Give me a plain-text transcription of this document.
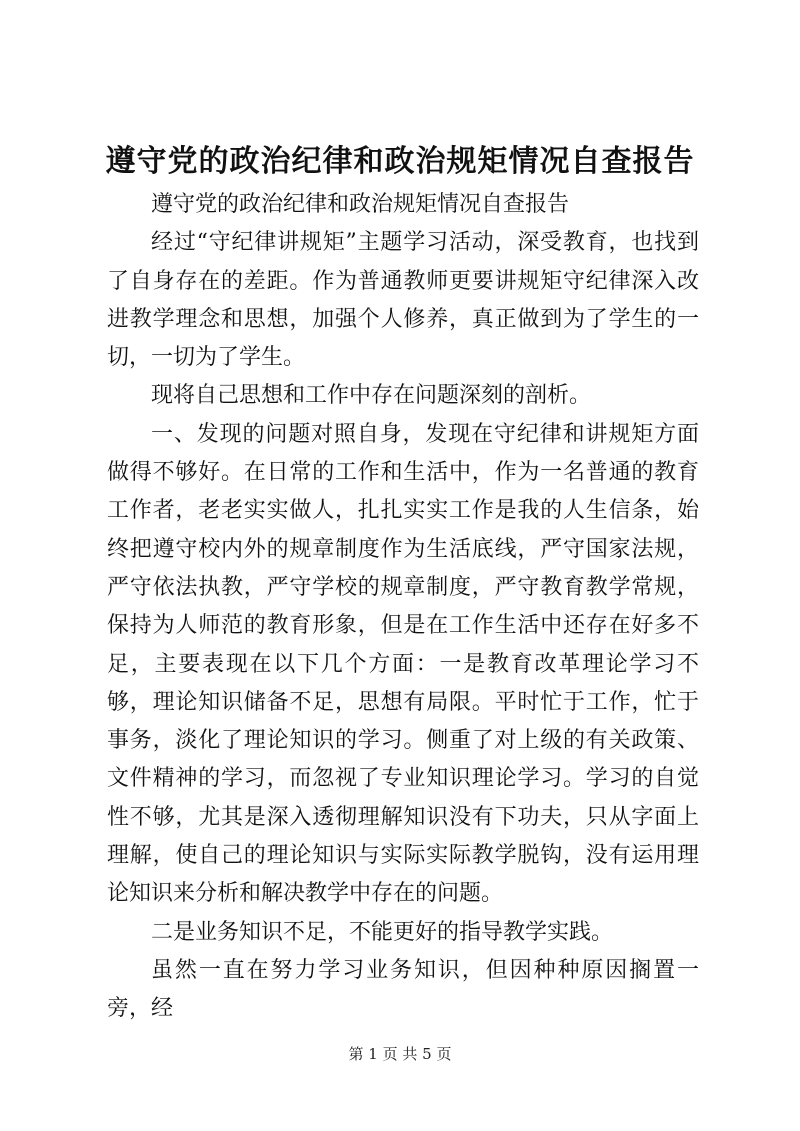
遵守党的政治纪律和政治规矩情况自查报告

遵守党的政治纪律和政治规矩情况自查报告

经过“守纪律讲规矩”主题学习活动，深受教育，也找到了自身存在的差距。作为普通教师更要讲规矩守纪律深入改进教学理念和思想，加强个人修养，真正做到为了学生的一切，一切为了学生。

现将自己思想和工作中存在问题深刻的剖析。

一、发现的问题对照自身，发现在守纪律和讲规矩方面做得不够好。在日常的工作和生活中，作为一名普通的教育工作者，老老实实做人，扎扎实实工作是我的人生信条，始终把遵守校内外的规章制度作为生活底线，严守国家法规，严守依法执教，严守学校的规章制度，严守教育教学常规，保持为人师范的教育形象，但是在工作生活中还存在好多不足，主要表现在以下几个方面：一是教育改革理论学习不够，理论知识储备不足，思想有局限。平时忙于工作，忙于事务，淡化了理论知识的学习。侧重了对上级的有关政策、文件精神的学习，而忽视了专业知识理论学习。学习的自觉性不够，尤其是深入透彻理解知识没有下功夫，只从字面上理解，使自己的理论知识与实际实际教学脱钩，没有运用理论知识来分析和解决教学中存在的问题。

二是业务知识不足，不能更好的指导教学实践。

虽然一直在努力学习业务知识，但因种种原因搁置一旁，经

第 1 页 共 5 页
